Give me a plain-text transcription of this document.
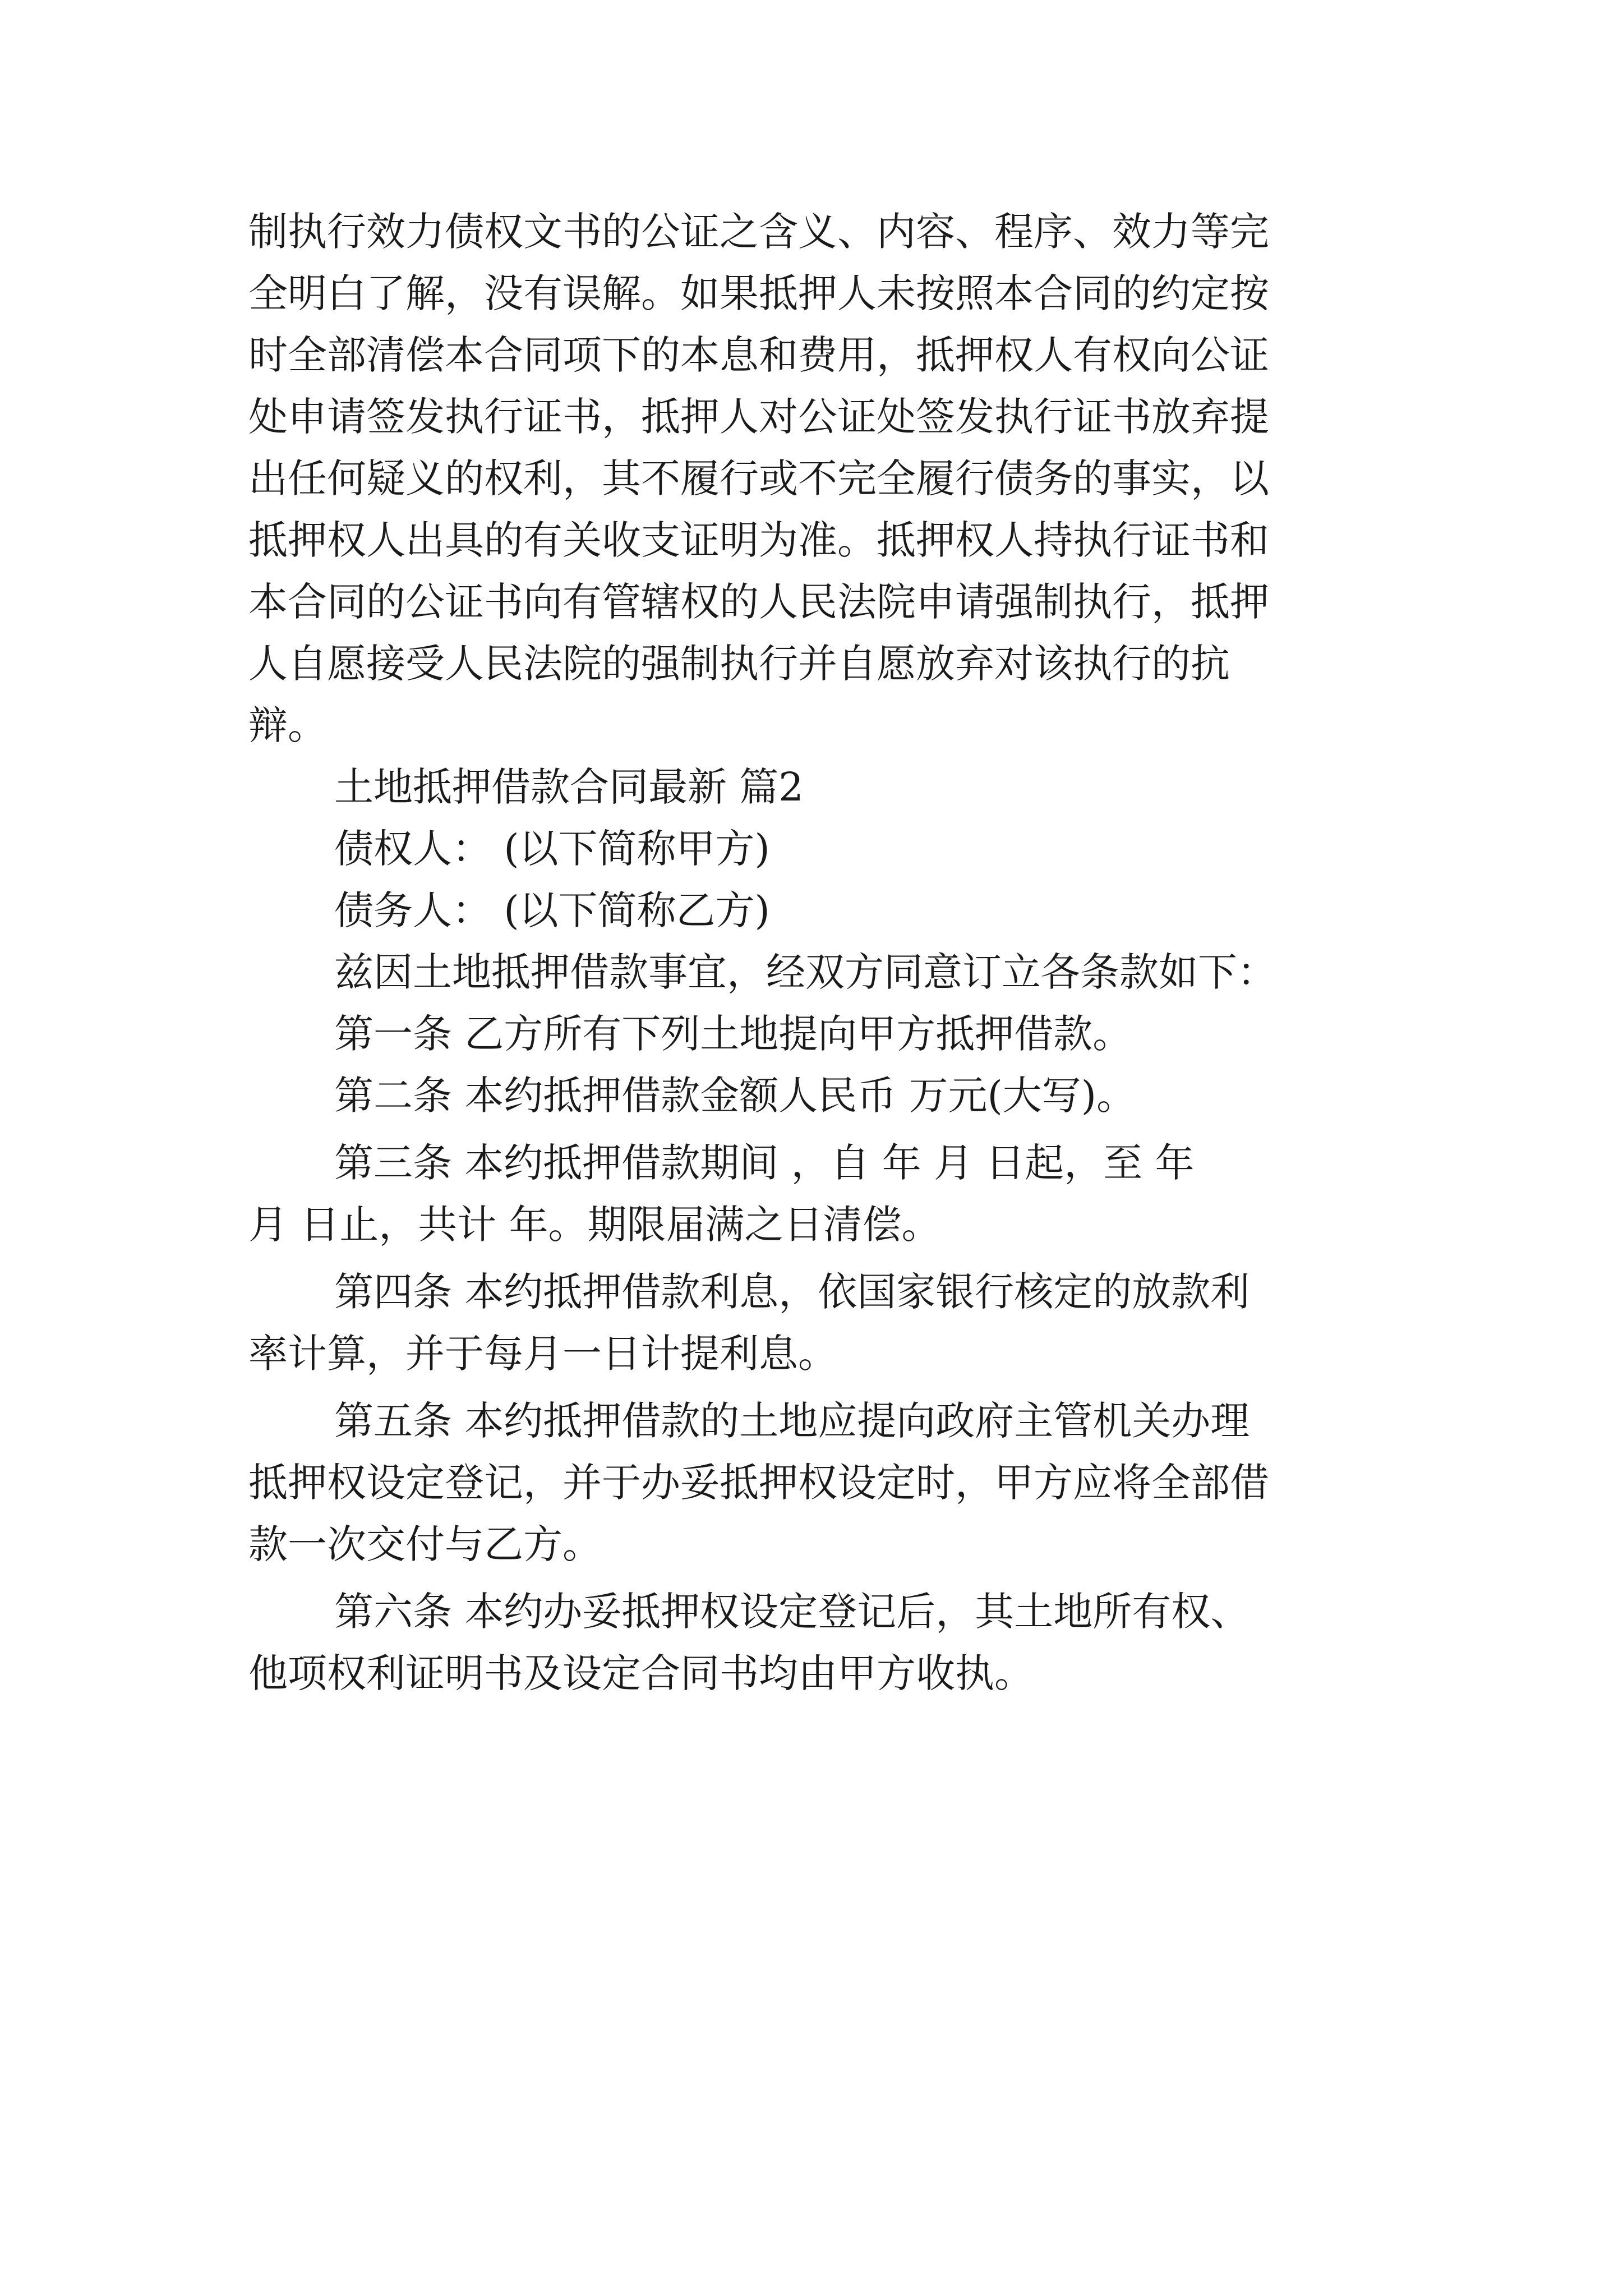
制执行效力债权文书的公证之含义、内容、程序、效力等完
全明白了解，没有误解。如果抵押人未按照本合同的约定按
时全部清偿本合同项下的本息和费用，抵押权人有权向公证
处申请签发执行证书，抵押人对公证处签发执行证书放弃提
出任何疑义的权利，其不履行或不完全履行债务的事实，以
抵押权人出具的有关收支证明为准。抵押权人持执行证书和
本合同的公证书向有管辖权的人民法院申请强制执行，抵押
人自愿接受人民法院的强制执行并自愿放弃对该执行的抗
辩。
土地抵押借款合同最新 篇2
债权人： (以下简称甲方)
债务人： (以下简称乙方)
兹因土地抵押借款事宜，经双方同意订立各条款如下：
第一条 乙方所有下列土地提向甲方抵押借款。
第二条 本约抵押借款金额人民币 万元(大写)。
第三条 本约抵押借款期间 ，自 年 月 日起，至 年
月 日止，共计 年。期限届满之日清偿。
第四条 本约抵押借款利息，依国家银行核定的放款利
率计算，并于每月一日计提利息。
第五条 本约抵押借款的土地应提向政府主管机关办理
抵押权设定登记，并于办妥抵押权设定时，甲方应将全部借
款一次交付与乙方。
第六条 本约办妥抵押权设定登记后，其土地所有权、
他项权利证明书及设定合同书均由甲方收执。
